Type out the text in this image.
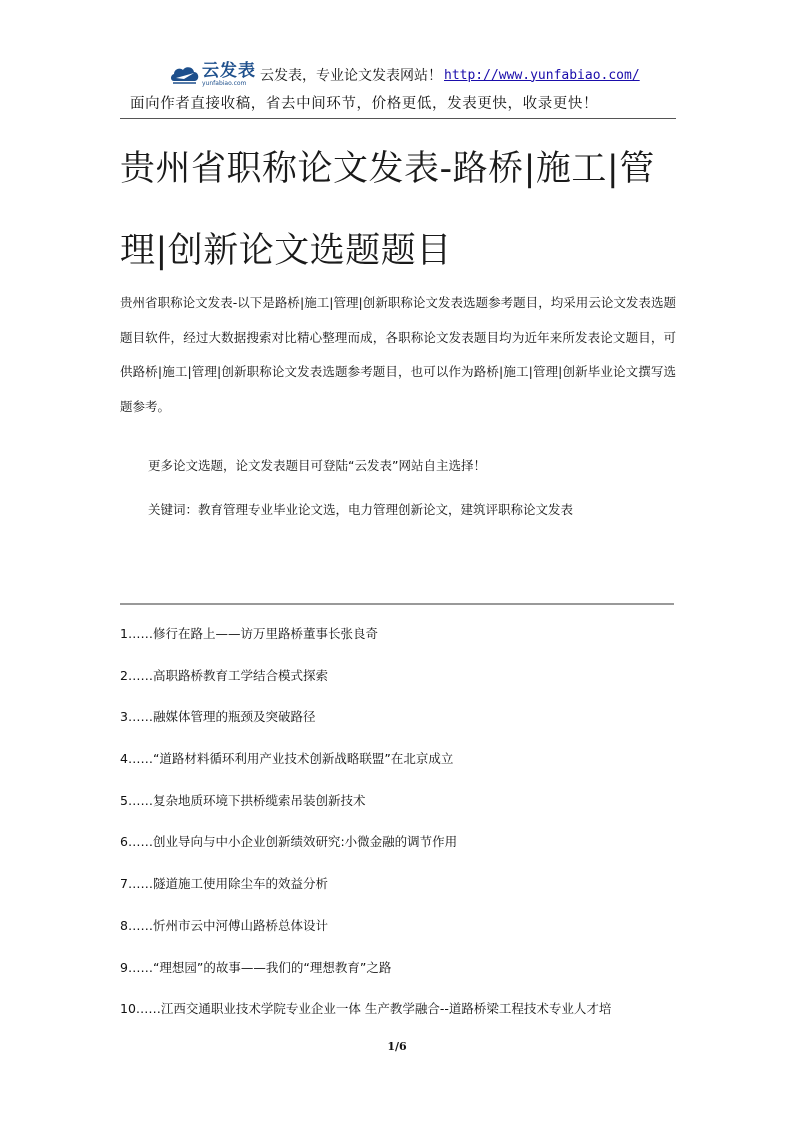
云发表
yunfabiao.com 云发表，专业论文发表网站！ http://www.yunfabiao.com/
面向作者直接收稿，省去中间环节，价格更低，发表更快，收录更快！
贵州省职称论文发表-路桥|施工|管理|创新论文选题题目

贵州省职称论文发表-以下是路桥|施工|管理|创新职称论文发表选题参考题目，均采用云论文发表选题题目软件，经过大数据搜索对比精心整理而成，各职称论文发表题目均为近年来所发表论文题目，可供路桥|施工|管理|创新职称论文发表选题参考题目，也可以作为路桥|施工|管理|创新毕业论文撰写选题参考。

更多论文选题，论文发表题目可登陆“云发表”网站自主选择！

关键词：教育管理专业毕业论文选，电力管理创新论文，建筑评职称论文发表

1……修行在路上——访万里路桥董事长张良奇
2……高职路桥教育工学结合模式探索
3……融媒体管理的瓶颈及突破路径
4……“道路材料循环利用产业技术创新战略联盟”在北京成立
5……复杂地质环境下拱桥缆索吊装创新技术
6……创业导向与中小企业创新绩效研究:小微金融的调节作用
7……隧道施工使用除尘车的效益分析
8……忻州市云中河傅山路桥总体设计
9……“理想园”的故事——我们的“理想教育”之路
10……江西交通职业技术学院专业企业一体 生产教学融合--道路桥梁工程技术专业人才培
1/6
